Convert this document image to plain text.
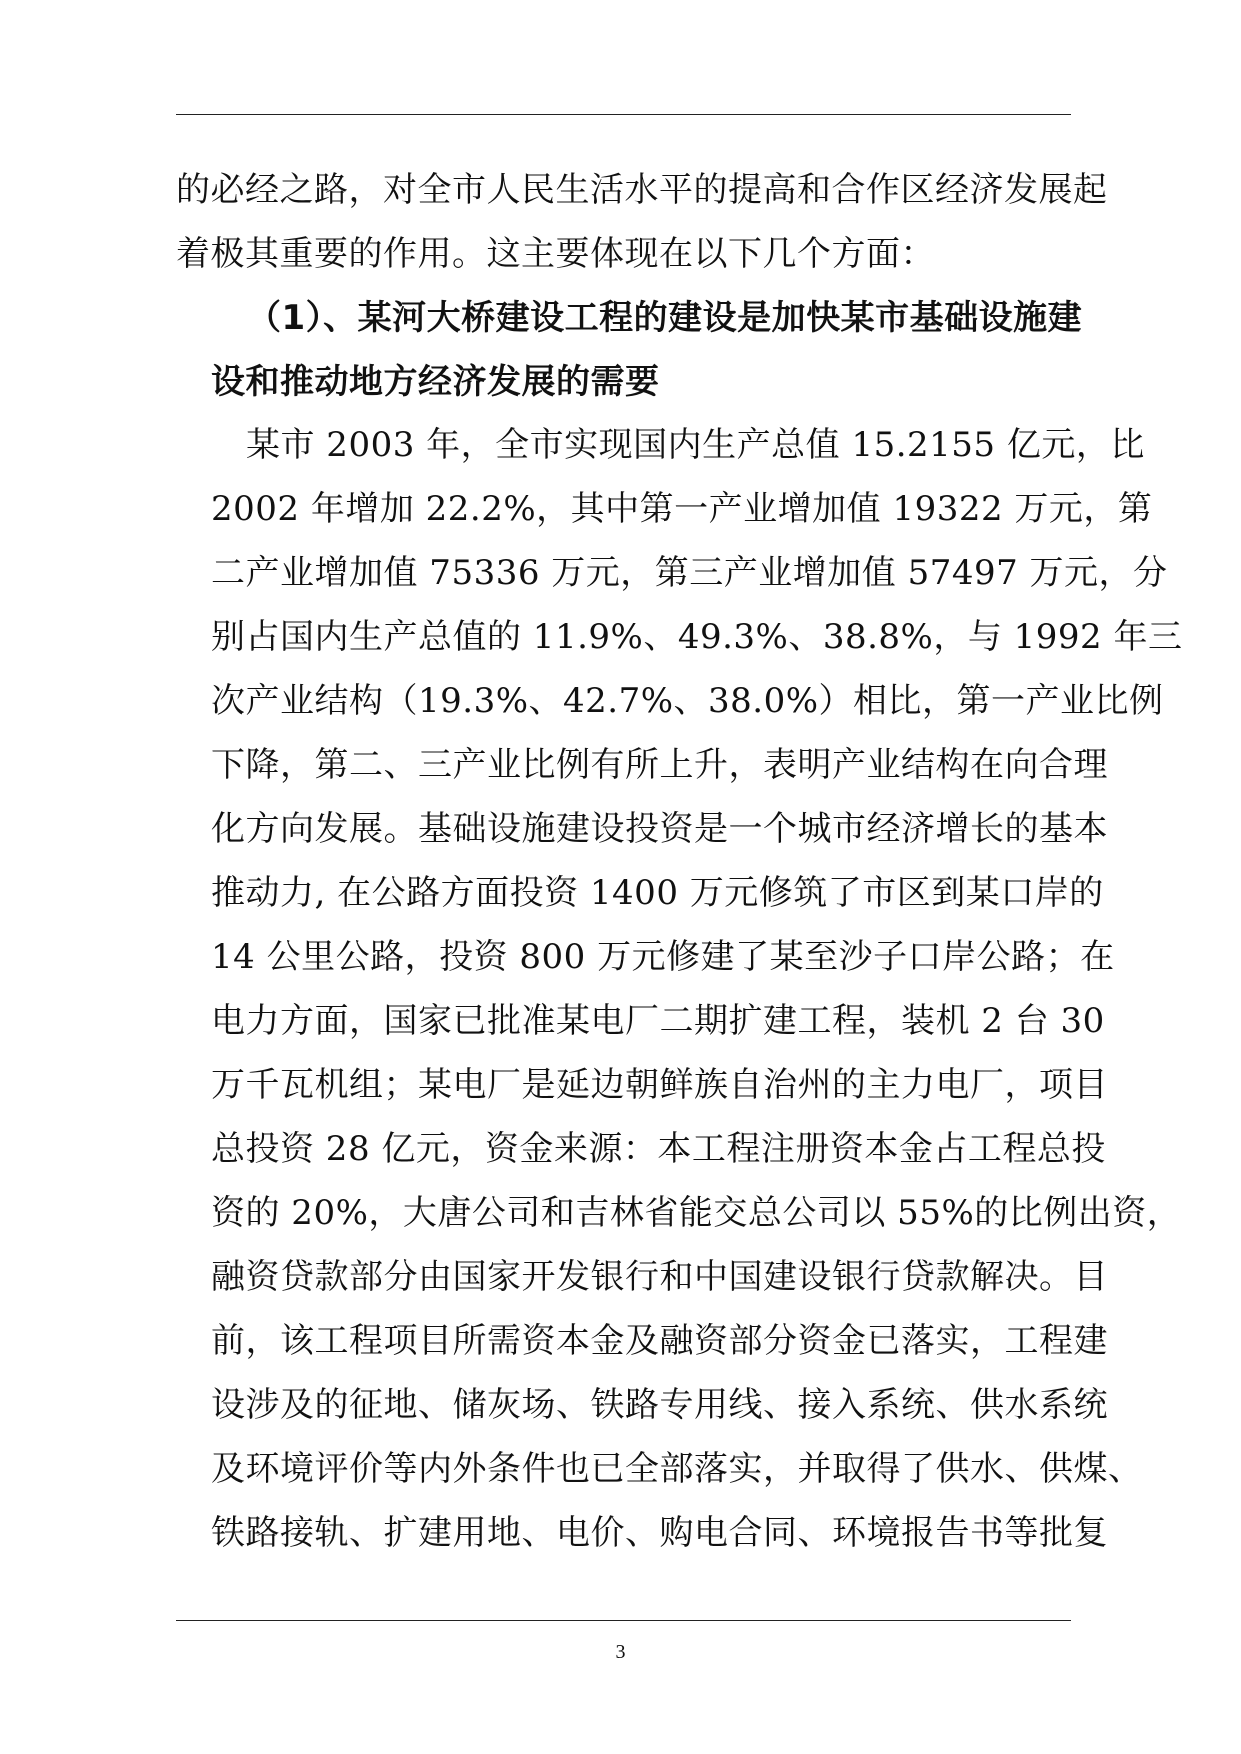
的必经之路，对全市人民生活水平的提高和合作区经济发展起
着极其重要的作用。这主要体现在以下几个方面：
（1）、某河大桥建设工程的建设是加快某市基础设施建
设和推动地方经济发展的需要
某市 2003 年，全市实现国内生产总值 15.2155 亿元，比
2002 年增加 22.2%，其中第一产业增加值 19322 万元，第
二产业增加值 75336 万元，第三产业增加值 57497 万元，分
别占国内生产总值的 11.9%、49.3%、38.8%，与 1992 年三
次产业结构（19.3%、42.7%、38.0%）相比，第一产业比例
下降，第二、三产业比例有所上升，表明产业结构在向合理
化方向发展。基础设施建设投资是一个城市经济增长的基本
推动力, 在公路方面投资 1400 万元修筑了市区到某口岸的
14 公里公路，投资 800 万元修建了某至沙子口岸公路；在
电力方面，国家已批准某电厂二期扩建工程，装机 2 台 30
万千瓦机组；某电厂是延边朝鲜族自治州的主力电厂，项目
总投资 28 亿元，资金来源：本工程注册资本金占工程总投
资的 20%，大唐公司和吉林省能交总公司以 55%的比例出资，
融资贷款部分由国家开发银行和中国建设银行贷款解决。目
前，该工程项目所需资本金及融资部分资金已落实，工程建
设涉及的征地、储灰场、铁路专用线、接入系统、供水系统
及环境评价等内外条件也已全部落实，并取得了供水、供煤、
铁路接轨、扩建用地、电价、购电合同、环境报告书等批复
3
